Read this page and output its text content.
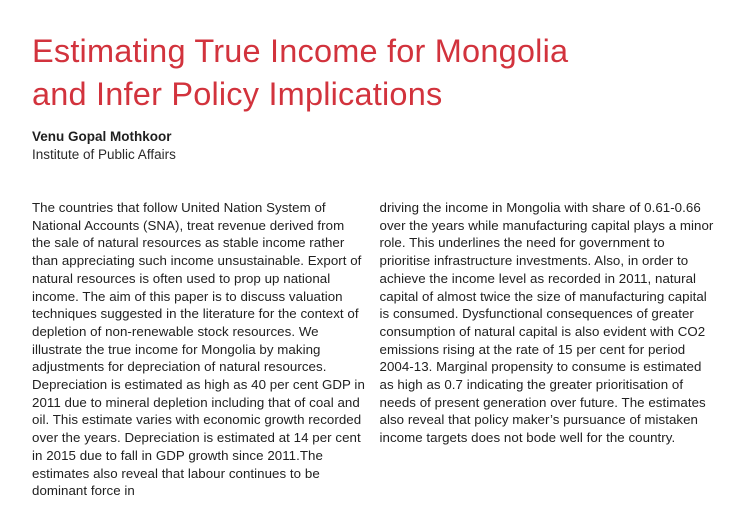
Estimating True Income for Mongolia and Infer Policy Implications
Venu Gopal Mothkoor
Institute of Public Affairs
The countries that follow United Nation System of National Accounts (SNA), treat revenue derived from the sale of natural resources as stable income rather than appreciating such income unsustainable. Export of natural resources is often used to prop up national income. The aim of this paper is to discuss valuation techniques suggested in the literature for the context of depletion of non-renewable stock resources. We illustrate the true income for Mongolia by making adjustments for depreciation of natural resources. Depreciation is estimated as high as 40 per cent GDP in 2011 due to mineral depletion including that of coal and oil. This estimate varies with economic growth recorded over the years. Depreciation is estimated at 14 per cent in 2015 due to fall in GDP growth since 2011.The estimates also reveal that labour continues to be dominant force in
driving the income in Mongolia with share of 0.61-0.66 over the years while manufacturing capital plays a minor role. This underlines the need for government to prioritise infrastructure investments. Also, in order to achieve the income level as recorded in 2011, natural capital of almost twice the size of manufacturing capital is consumed. Dysfunctional consequences of greater consumption of natural capital is also evident with CO2 emissions rising at the rate of 15 per cent for period 2004-13. Marginal propensity to consume is estimated as high as 0.7 indicating the greater prioritisation of needs of present generation over future. The estimates also reveal that policy maker’s pursuance of mistaken income targets does not bode well for the country.
